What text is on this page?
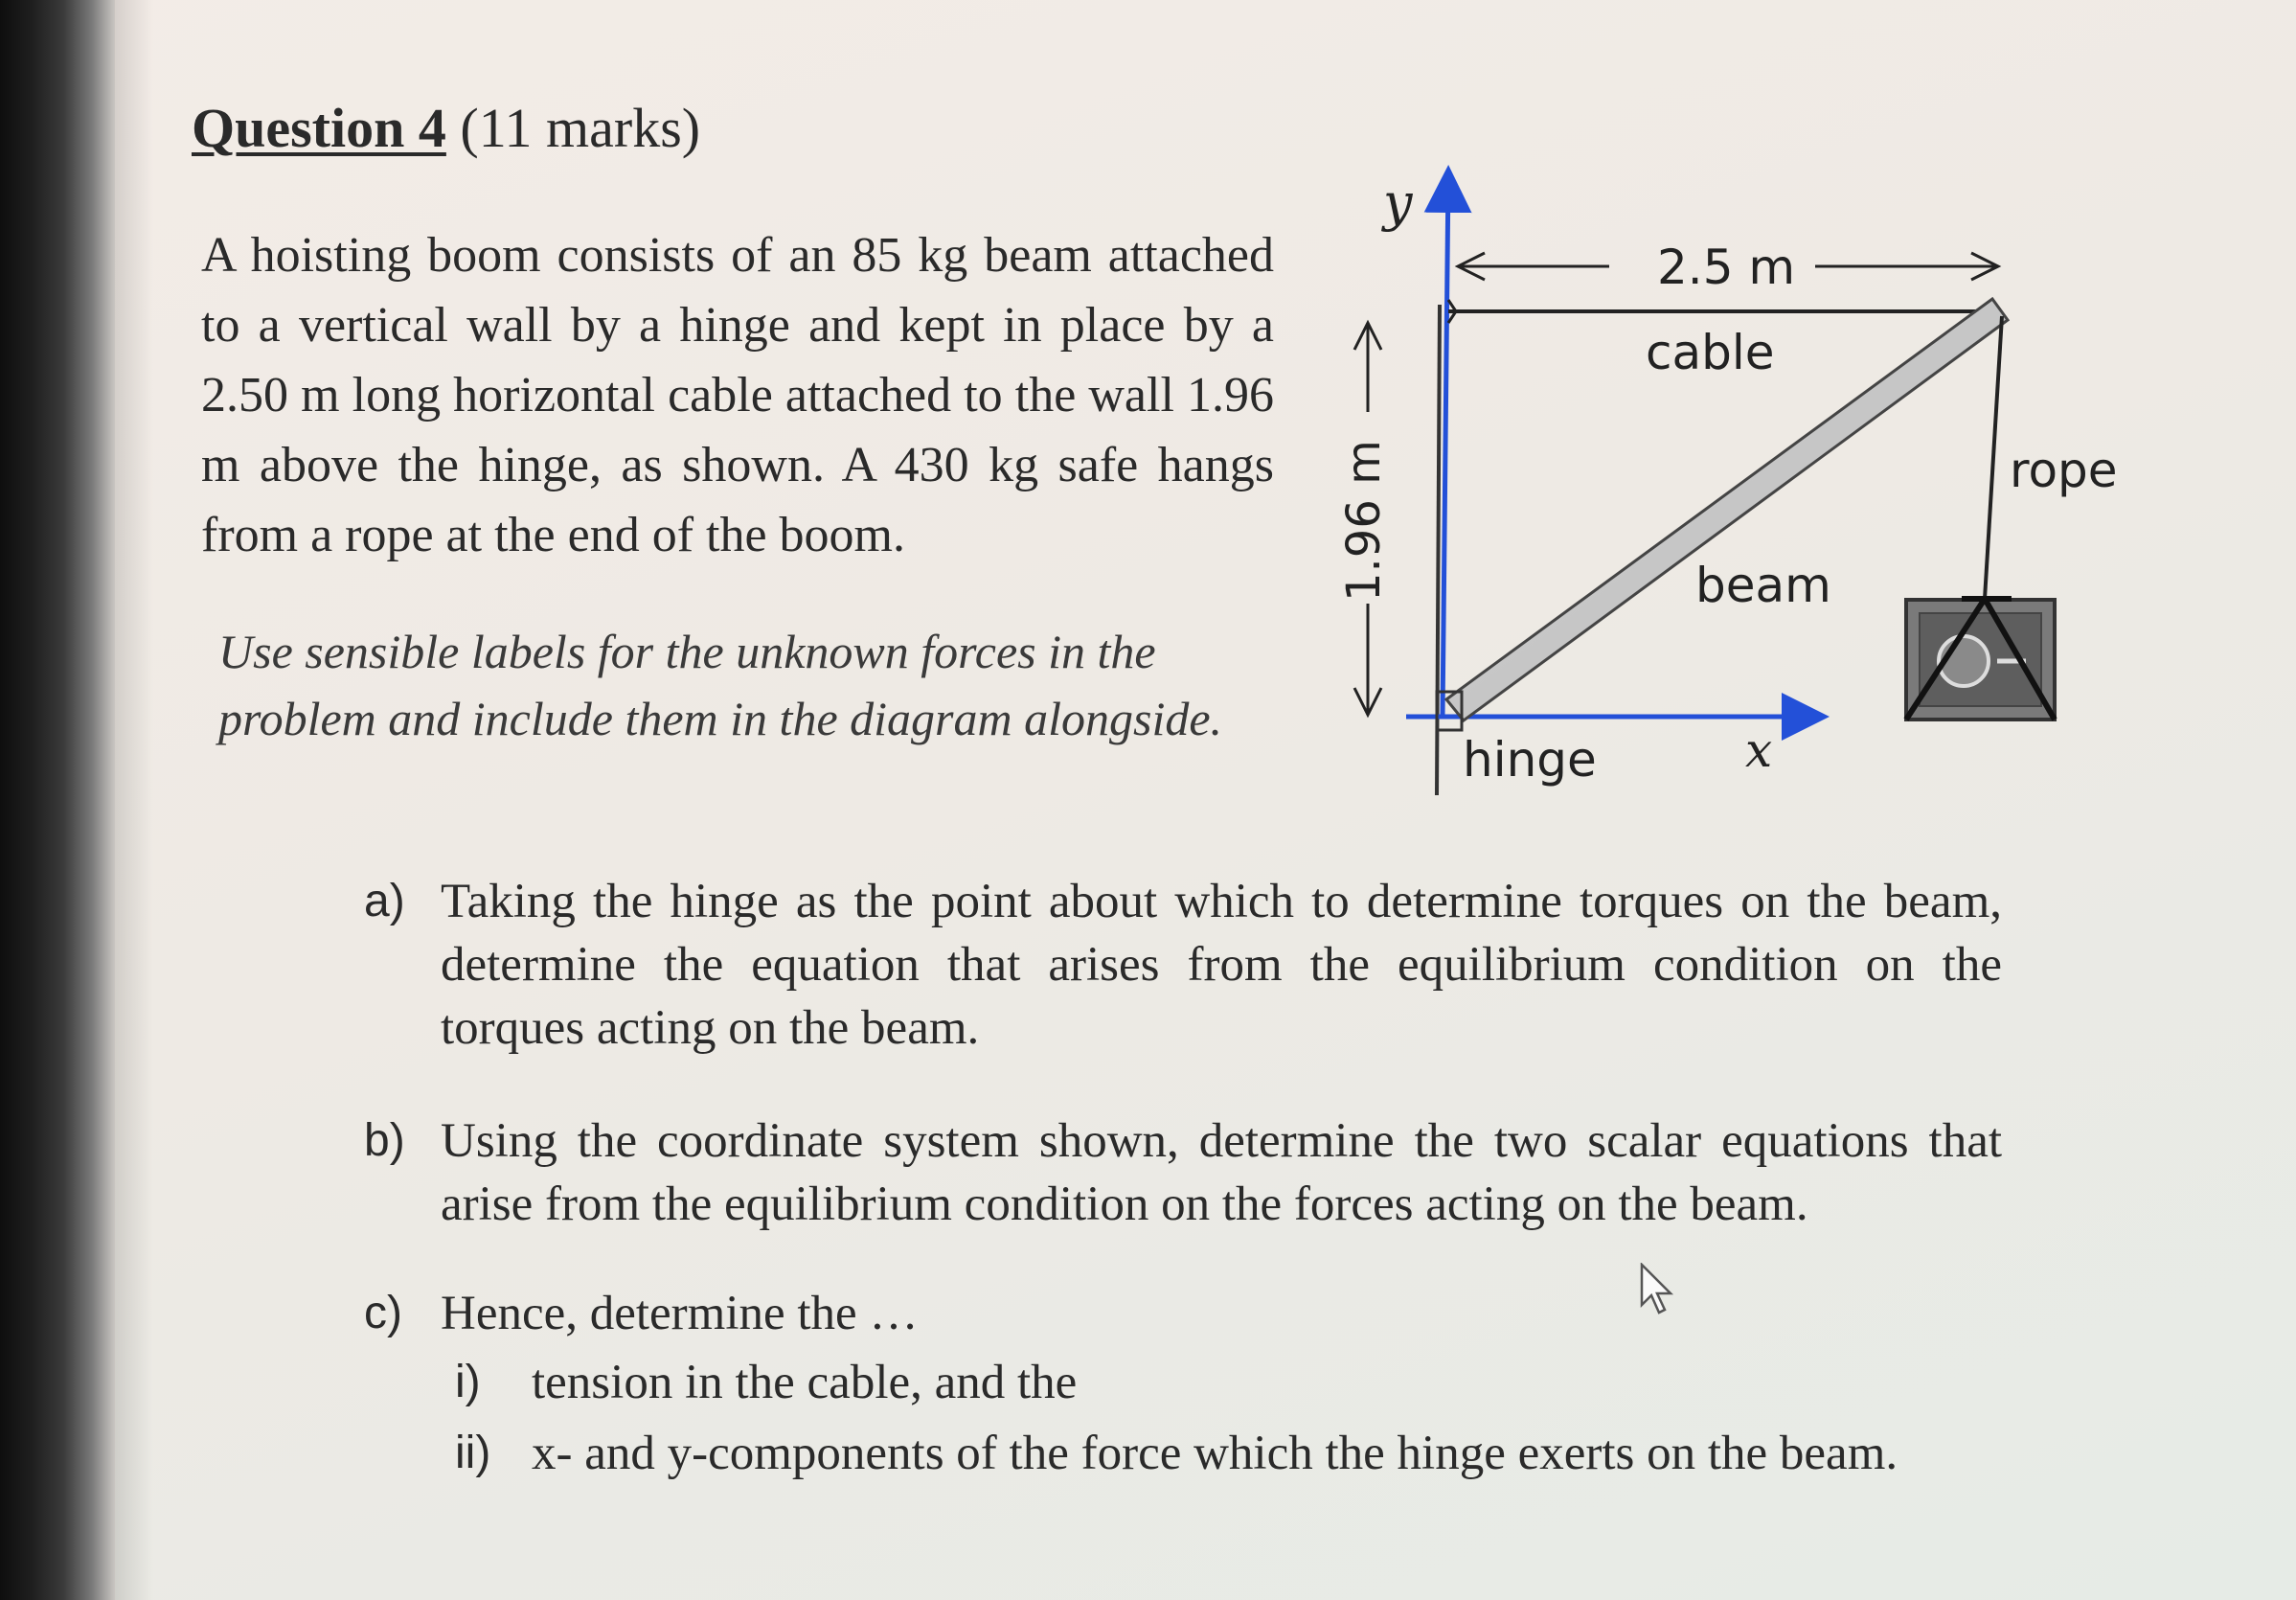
Question 4 (11 marks)
A hoisting boom consists of an 85 kg beam attached to a vertical wall by a hinge and kept in place by a 2.50 m long horizontal cable attached to the wall 1.96 m above the hinge, as shown. A 430 kg safe hangs from a rope at the end of the boom.
Use sensible labels for the unknown forces in the problem and include them in the diagram alongside.
2.5 m
1.96 m
cable
beam
rope
hinge	x
y
a) Taking the hinge as the point about which to determine torques on the beam, determine the equation that arises from the equilibrium condition on the torques acting on the beam.
b) Using the coordinate system shown, determine the two scalar equations that arise from the equilibrium condition on the forces acting on the beam.
c) Hence, determine the …
i) tension in the cable, and the
ii) x- and y-components of the force which the hinge exerts on the beam.
